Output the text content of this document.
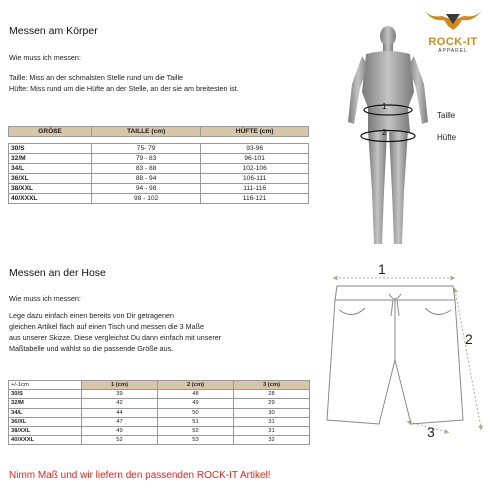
ROCK-IT
APPAREL
Messen am Körper
Wie muss ich messen:
Taille: Miss an der schmalsten Stelle rund um die Taille
Hüfte: Miss rund um die Hüfte an der Stelle, an der sie am breitesten ist.
GRÖßE	TAILLE (cm)	HÜFTE (cm)

30/S	75- 79	93-96
32/M	79 - 83	96-101
34/L	83 - 88	102-106
36/XL	88 - 94	106-111
38/XXL	94 - 98	111-116
40/XXXL	98 - 102	116-121
1
2
Taille
Hüfte
Messen an der Hose
Wie muss ich messen:
Lege dazu einfach einen bereits von Dir getragenen
gleichen Artikel flach auf einen Tisch und messen die 3 Maße
aus unserer Skizze. Diese vergleichst Du dann einfach mit unserer
Maßtabelle und wählst so die passende Größe aus.
+/-1cm	1 (cm)	2 (cm)	3 (cm)
30/S	39	48	28
32/M	42	49	29
34/L	44	50	30
36/XL	47	51	31
38/XXL	49	52	31
40/XXXL	52	53	32
1
2
3
Nimm Maß und wir liefern den passenden ROCK-IT Artikel!
